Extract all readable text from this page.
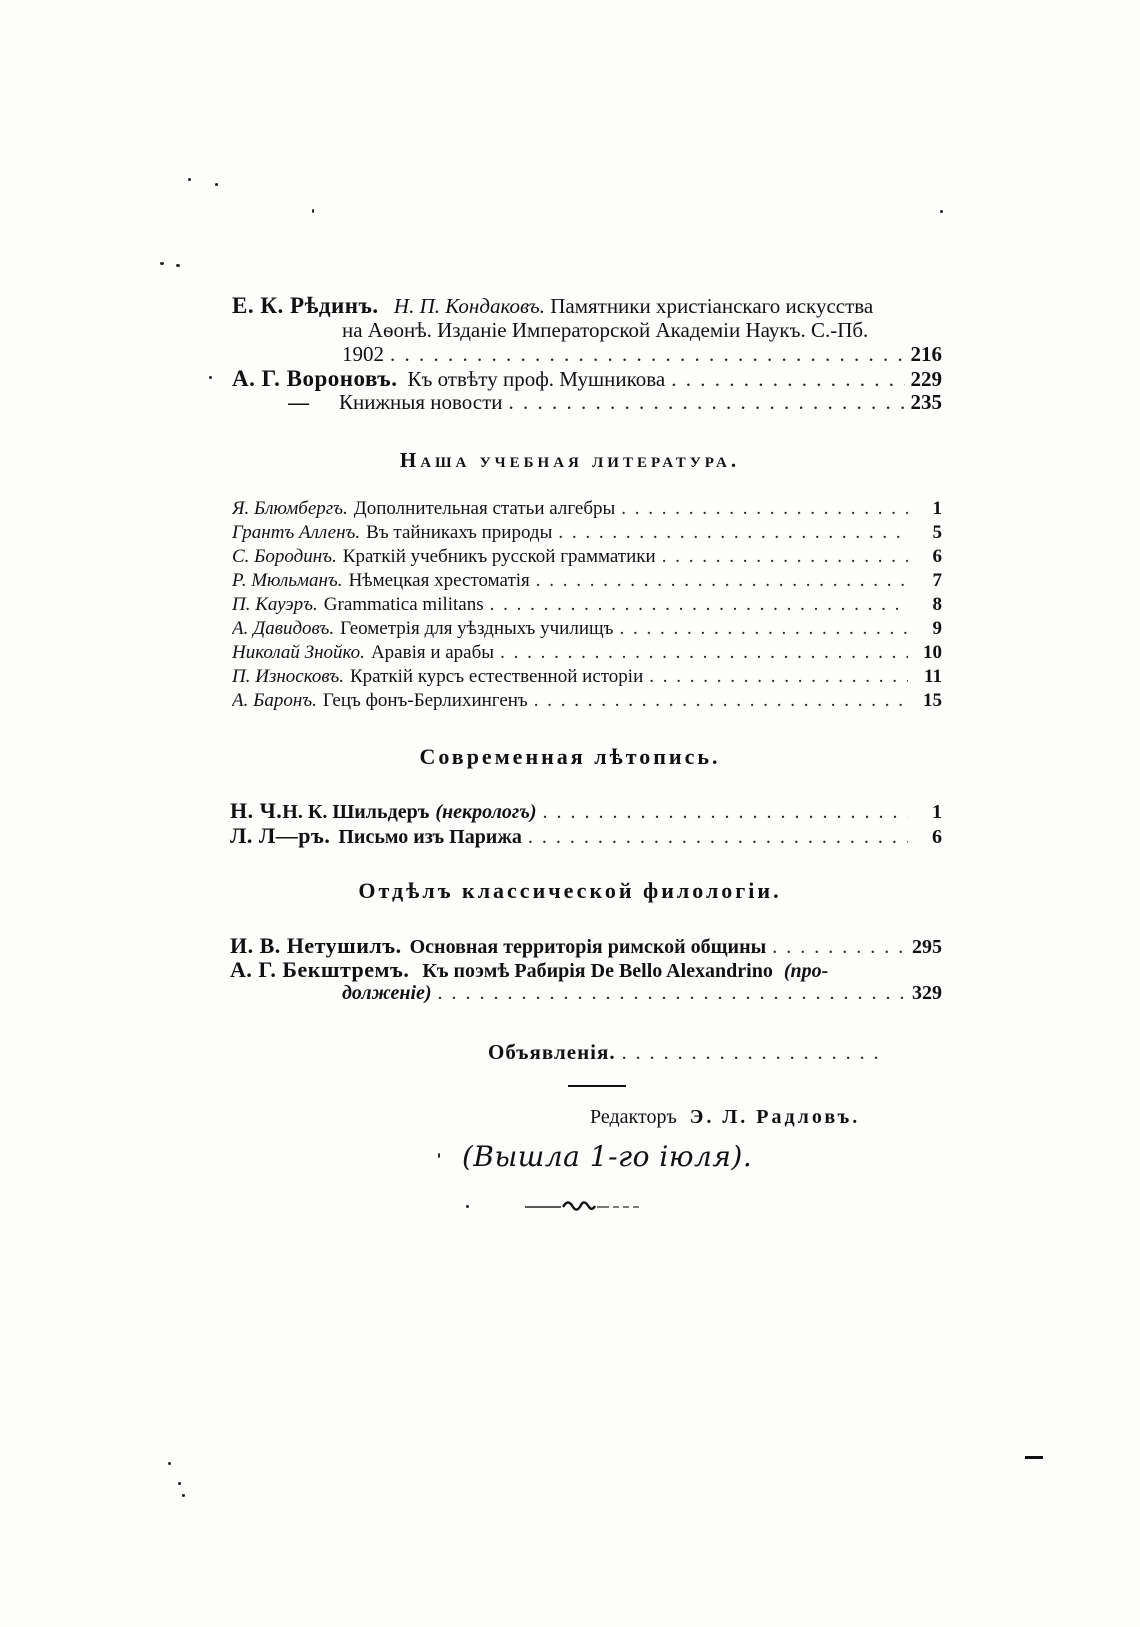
Е. К. Рѣдинъ. Н. П. Кондаковъ. Памятники христіанскаго искусства
на Аѳонѣ. Изданіе Императорской Академіи Наукъ. С.-Пб.
1902 . . .	216
А. Г. Вороновъ. Къ отвѣту проф. Мушникова . . .	229
— Книжныя новости . . .	235
Наша учебная литература.
Я. Блюмбергъ. Дополнительная статьи алгебры . . .	1
Грантъ Алленъ. Въ тайникахъ природы . . .	5
С. Бородинъ. Краткій учебникъ русской грамматики . . .	6
Р. Мюльманъ. Нѣмецкая хрестоматія . . .	7
П. Кауэръ. Grammatica militans . . .	8
А. Давидовъ. Геометрія для уѣздныхъ училищъ . . .	9
Николай Знойко. Аравія и арабы . . .	10
П. Износковъ. Краткій курсъ естественной исторіи . . .	11
А. Баронъ. Гецъ фонъ-Берлихингенъ . . .	15
Современная лѣтопись.
Н. Ч. Н. К. Шильдеръ (некрологъ) . . .	1
Л. Л—ръ. Письмо изъ Парижа . . .	6
Отдѣлъ классической филологіи.
И. В. Нетушилъ. Основная территорія римской общины . . .	295
А. Г. Бекштремъ. Къ поэмѣ Рабирія De Bello Alexandrino (про-
долженіе) . . .	329
Объявленія.
. . .
Редакторъ Э. Л. Радловъ.
(Вышла 1-го іюля).
